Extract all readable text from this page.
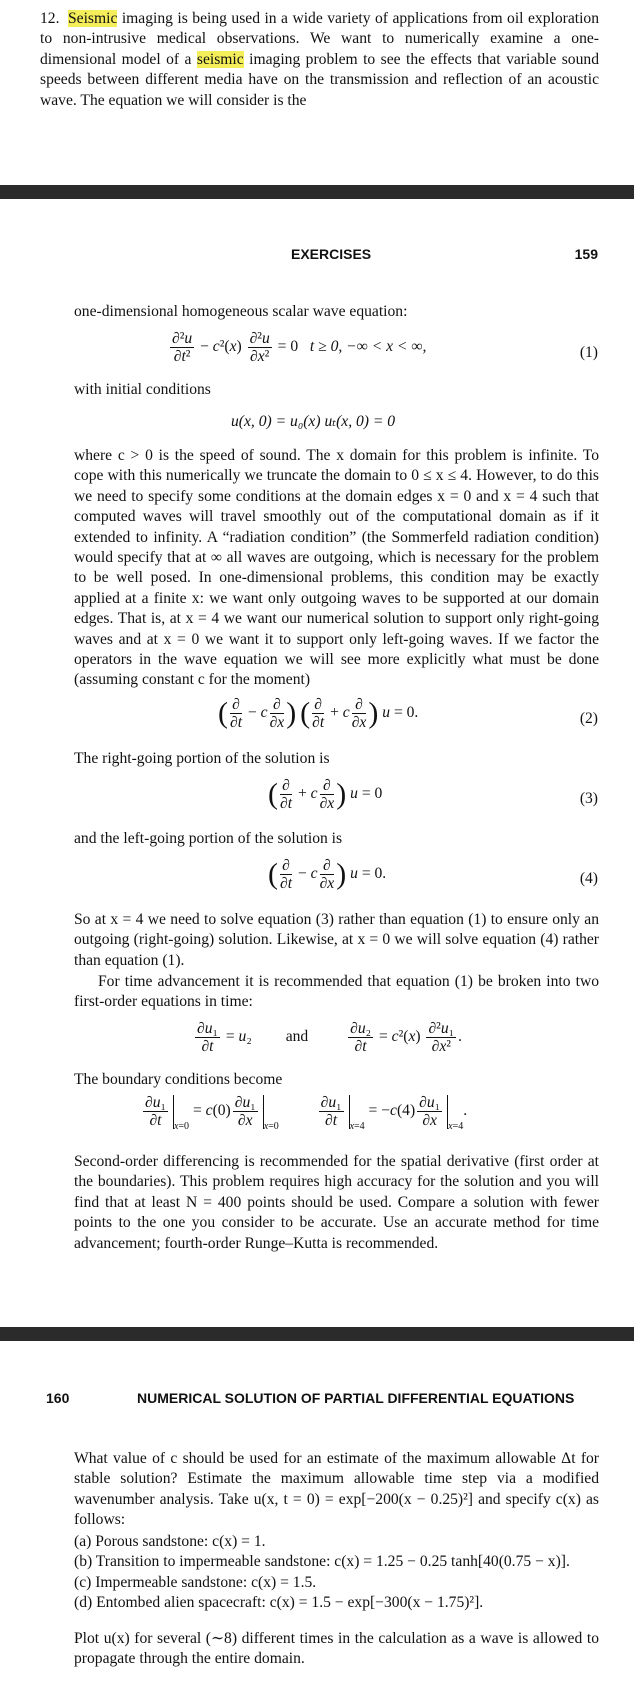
12. Seismic imaging is being used in a wide variety of applications from oil exploration to non-intrusive medical observations. We want to numerically examine a one-dimensional model of a seismic imaging problem to see the effects that variable sound speeds between different media have on the transmission and reflection of an acoustic wave. The equation we will consider is the
EXERCISES	159
one-dimensional homogeneous scalar wave equation:
$\frac{\text{∂²u}}{\text{∂t²}} - c^2(x) \frac{\text{∂²u}}{\text{∂x²}} = 0$   t ≥ 0, −∞ < x < ∞,	(1)
with initial conditions
u(x, 0) = u₀(x) uₜ(x, 0) = 0
where c > 0 is the speed of sound. The x domain for this problem is infinite. To cope with this numerically we truncate the domain to 0 ≤ x ≤ 4. However, to do this we need to specify some conditions at the domain edges x = 0 and x = 4 such that computed waves will travel smoothly out of the computational domain as if it extended to infinity. A “radiation condition” (the Sommerfeld radiation condition) would specify that at ∞ all waves are outgoing, which is necessary for the problem to be well posed. In one-dimensional problems, this condition may be exactly applied at a finite x: we want only outgoing waves to be supported at our domain edges. That is, at x = 4 we want our numerical solution to support only right-going waves and at x = 0 we want it to support only left-going waves. If we factor the operators in the wave equation we will see more explicitly what must be done (assuming constant c for the moment)
( $\frac{\partial}{\partial t} - c \frac{\partial}{\partial x}$ ) ( $\frac{\partial}{\partial t} + c \frac{\partial}{\partial x}$ ) u = 0.	(2)
The right-going portion of the solution is
( $\frac{\partial}{\partial t} + c \frac{\partial}{\partial x}$ ) u = 0	(3)
and the left-going portion of the solution is
( $\frac{\partial}{\partial t} - c \frac{\partial}{\partial x}$ ) u = 0.	(4)
So at x = 4 we need to solve equation (3) rather than equation (1) to ensure only an outgoing (right-going) solution. Likewise, at x = 0 we will solve equation (4) rather than equation (1).
For time advancement it is recommended that equation (1) be broken into two first-order equations in time:
$\frac{\text{∂u₁}}{\partial t} = u_2$ and	$\frac{\text{∂u₂}}{\partial t} = c^2(x) \frac{\text{∂²u₁}}{\text{∂x²}}$ .
The boundary conditions become
$\frac{\text{∂u₁}}{\partial t} _{x=0} = c(0) \frac{\text{∂u₁}}{\partial x} _{x=0}$	$\frac{\text{∂u₁}}{\partial t} _{x=4} = -c(4) \frac{\text{∂u₁}}{\partial x} _{x=4}$.
Second-order differencing is recommended for the spatial derivative (first order at the boundaries). This problem requires high accuracy for the solution and you will find that at least N = 400 points should be used. Compare a solution with fewer points to the one you consider to be accurate. Use an accurate method for time advancement; fourth-order Runge–Kutta is recommended.
160	NUMERICAL SOLUTION OF PARTIAL DIFFERENTIAL EQUATIONS
What value of c should be used for an estimate of the maximum allowable Δt for stable solution? Estimate the maximum allowable time step via a modified wavenumber analysis. Take u(x, t = 0) = exp[−200(x − 0.25)²] and specify c(x) as follows:
(a) Porous sandstone: c(x) = 1.
(b) Transition to impermeable sandstone: c(x) = 1.25 − 0.25 tanh[40(0.75 − x)].
(c) Impermeable sandstone: c(x) = 1.5.
(d) Entombed alien spacecraft: c(x) = 1.5 − exp[−300(x − 1.75)²].
Plot u(x) for several (∼8) different times in the calculation as a wave is allowed to propagate through the entire domain.
